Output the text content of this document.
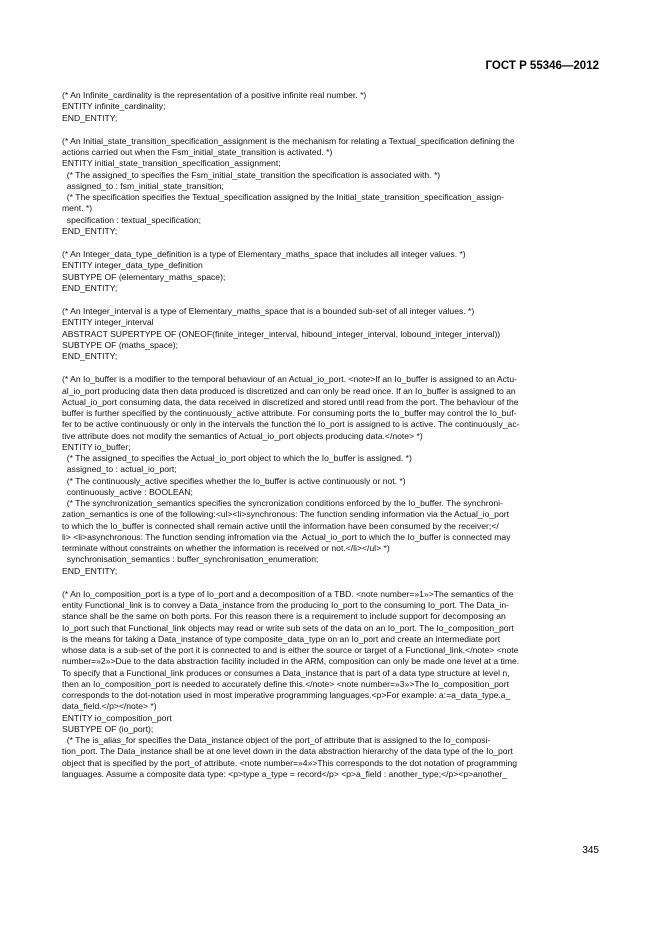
ГОСТ Р 55346—2012
(* An Infinite_cardinality is the representation of a positive infinite real number. *)
ENTITY infinite_cardinality;
END_ENTITY;
(* An Initial_state_transition_specification_assignment is the mechanism for relating a Textual_specification defining the
actions carried out when the Fsm_initial_state_transition is activated. *)
ENTITY initial_state_transition_specification_assignment;
(* The assigned_to specifies the Fsm_initial_state_transition the specification is associated with. *)
assigned_to : fsm_initial_state_transition;
(* The specification specifies the Textual_specification assigned by the Initial_state_transition_specification_assign-
ment. *)
specification : textual_specification;
END_ENTITY;
(* An Integer_data_type_definition is a type of Elementary_maths_space that includes all integer values. *)
ENTITY integer_data_type_definition
SUBTYPE OF (elementary_maths_space);
END_ENTITY;
(* An Integer_interval is a type of Elementary_maths_space that is a bounded sub-set of all integer values. *)
ENTITY integer_interval
ABSTRACT SUPERTYPE OF (ONEOF(finite_integer_interval, hibound_integer_interval, lobound_integer_interval))
SUBTYPE OF (maths_space);
END_ENTITY;
(* An Io_buffer is a modifier to the temporal behaviour of an Actual_io_port. <note>If an Io_buffer is assigned to an Actu-
al_io_port producing data then data produced is discretized and can only be read once. If an Io_buffer is assigned to an
Actual_io_port consuming data, the data received in discretized and stored until read from the port. The behaviour of the
buffer is further specified by the continuously_active attribute. For consuming ports the Io_buffer may control the Io_buf-
fer to be active continuously or only in the intervals the function the Io_port is assigned to is active. The continuously_ac-
tive attribute does not modify the semantics of Actual_io_port objects producing data.</note> *)
ENTITY io_buffer;
(* The assigned_to specifies the Actual_io_port object to which the Io_buffer is assigned. *)
assigned_to : actual_io_port;
(* The continuously_active specifies whether the Io_buffer is active continuously or not. *)
continuously_active : BOOLEAN;
(* The synchronization_semantics specifies the syncronization conditions enforced by the Io_buffer. The synchroni-
zation_semantics is one of the following:<ul><li>synchronous: The function sending information via the Actual_io_port
to which the Io_buffer is connected shall remain active until the information have been consumed by the receiver;</
li> <li>asynchronous: The function sending infromation via the  Actual_io_port to which the Io_buffer is connected may
terminate without constraints on whether the information is received or not.</li></ul> *)
synchronisation_semantics : buffer_synchronisation_enumeration;
END_ENTITY;
(* An Io_composition_port is a type of Io_port and a decomposition of a TBD. <note number=»1»>The semantics of the
entity Functional_link is to convey a Data_instance from the producing Io_port to the consuming Io_port. The Data_in-
stance shall be the same on both ports. For this reason there is a requirement to include support for decomposing an
Io_port such that Functional_link objects may read or write sub sets of the data on an Io_port. The Io_composition_port
is the means for taking a Data_instance of type composite_data_type on an Io_port and create an intermediate port
whose data is a sub-set of the port it is connected to and is either the source or target of a Functional_link.</note> <note
number=»2»>Due to the data abstraction facility included in the ARM, composition can only be made one level at a time.
To specify that a Functional_link produces or consumes a Data_instance that is part of a data type structure at level n,
then an Io_composition_port is needed to accurately define this.</note> <note number=»3»>The Io_composition_port
corresponds to the dot-notation used in most imperative programming languages.<p>For example: a:=a_data_type.a_
data_field.</p></note> *)
ENTITY io_composition_port
SUBTYPE OF (io_port);
(* The is_alias_for specifies the Data_instance object of the port_of attribute that is assigned to the Io_composi-
tion_port. The Data_instance shall be at one level down in the data abstraction hierarchy of the data type of the Io_port
object that is specified by the port_of attribute. <note number=»4»>This corresponds to the dot notation of programming
languages. Assume a composite data type: <p>type a_type = record</p> <p>a_field : another_type;</p><p>another_
345
